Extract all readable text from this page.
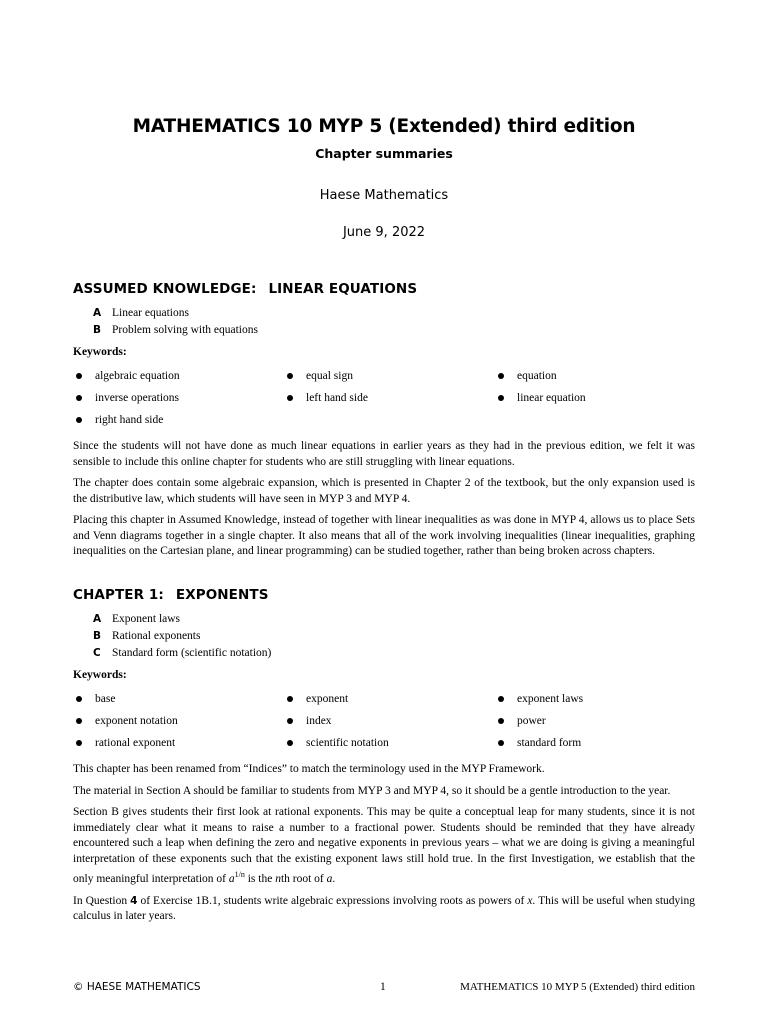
MATHEMATICS 10 MYP 5 (Extended) third edition
Chapter summaries
Haese Mathematics
June 9, 2022
ASSUMED KNOWLEDGE: LINEAR EQUATIONS
A Linear equations
B Problem solving with equations
Keywords:
algebraic equation	equal sign	equation
inverse operations	left hand side	linear equation
right hand side

Since the students will not have done as much linear equations in earlier years as they had in the previous edition, we felt it was sensible to include this online chapter for students who are still struggling with linear equations.

The chapter does contain some algebraic expansion, which is presented in Chapter 2 of the textbook, but the only expansion used is the distributive law, which students will have seen in MYP 3 and MYP 4.

Placing this chapter in Assumed Knowledge, instead of together with linear inequalities as was done in MYP 4, allows us to place Sets and Venn diagrams together in a single chapter. It also means that all of the work involving inequalities (linear inequalities, graphing inequalities on the Cartesian plane, and linear programming) can be studied together, rather than being broken across chapters.

CHAPTER 1: EXPONENTS
A Exponent laws
B Rational exponents
C Standard form (scientific notation)
Keywords:
base	exponent	exponent laws
exponent notation	index	power
rational exponent	scientific notation	standard form

This chapter has been renamed from “Indices” to match the terminology used in the MYP Framework.

The material in Section A should be familiar to students from MYP 3 and MYP 4, so it should be a gentle introduction to the year.

Section B gives students their first look at rational exponents. This may be quite a conceptual leap for many students, since it is not immediately clear what it means to raise a number to a fractional power. Students should be reminded that they have already encountered such a leap when defining the zero and negative exponents in previous years – what we are doing is giving a meaningful interpretation of these exponents such that the existing exponent laws still hold true. In the first Investigation, we establish that the only meaningful interpretation of $a^{1/n}$ is the nth root of a.

In Question 4 of Exercise 1B.1, students write algebraic expressions involving roots as powers of x. This will be useful when studying calculus in later years.

© HAESE MATHEMATICS	1	MATHEMATICS 10 MYP 5 (Extended) third edition
